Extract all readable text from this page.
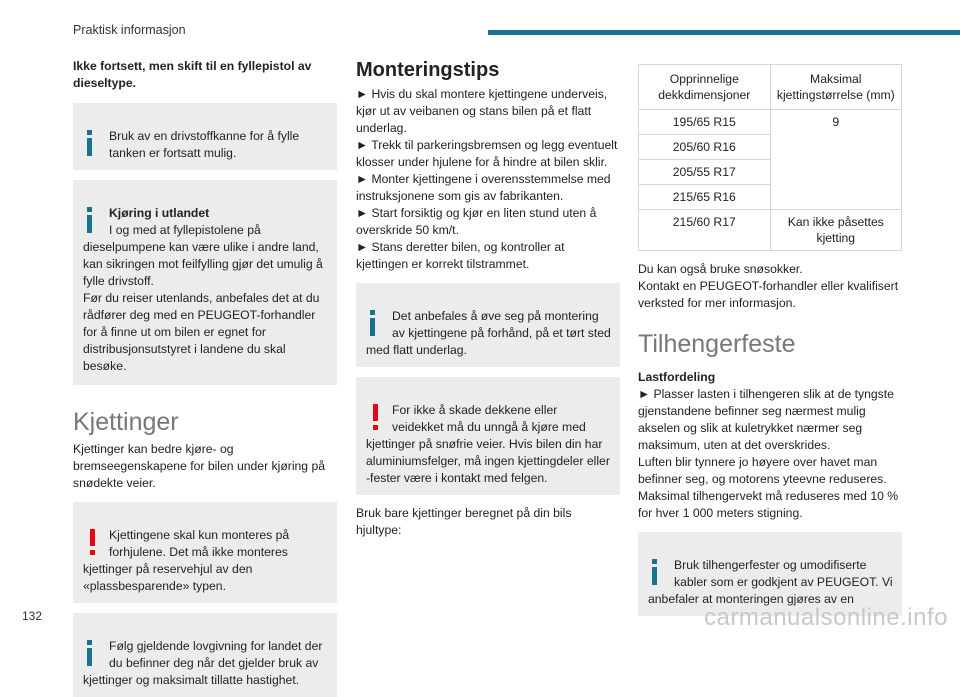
Praktisk informasjon
Ikke fortsett, men skift til en fyllepistol av dieseltype.

Bruk av en drivstoffkanne for å fylle tanken er fortsatt mulig.

Kjøring i utlandet
I og med at fyllepistolene på dieselpumpene kan være ulike i andre land, kan sikringen mot feilfylling gjør det umulig å fylle drivstoff.
Før du reiser utenlands, anbefales det at du rådfører deg med en PEUGEOT-forhandler for å finne ut om bilen er egnet for distribusjonsutstyret i landene du skal besøke.

Kjettinger
Kjettinger kan bedre kjøre- og bremseegenskapene for bilen under kjøring på snødekte veier.

Kjettingene skal kun monteres på forhjulene. Det må ikke monteres kjettinger på reservehjul av den «plassbesparende» typen.

Følg gjeldende lovgivning for landet der du befinner deg når det gjelder bruk av kjettinger og maksimalt tillatte hastighet.

Monteringstips
► Hvis du skal montere kjettingene underveis, kjør ut av veibanen og stans bilen på et flatt underlag.
► Trekk til parkeringsbremsen og legg eventuelt klosser under hjulene for å hindre at bilen sklir.
► Monter kjettingene i overensstemmelse med instruksjonene som gis av fabrikanten.
► Start forsiktig og kjør en liten stund uten å overskride 50 km/t.
► Stans deretter bilen, og kontroller at kjettingen er korrekt tilstrammet.

Det anbefales å øve seg på montering av kjettingene på forhånd, på et tørt sted med flatt underlag.

For ikke å skade dekkene eller veidekket må du unngå å kjøre med kjettinger på snøfrie veier. Hvis bilen din har aluminiumsfelger, må ingen kjettingdeler eller -fester være i kontakt med felgen.

Bruk bare kjettinger beregnet på din bils hjultype:
Opprinnelige dekkdimensjoner	Maksimal kjettingstørrelse (mm)
195/65 R15	9
205/60 R16	
205/55 R17	
215/65 R16	
215/60 R17	Kan ikke påsettes kjetting
Du kan også bruke snøsokker.
Kontakt en PEUGEOT-forhandler eller kvalifisert verksted for mer informasjon.
Tilhengerfeste
Lastfordeling
► Plasser lasten i tilhengeren slik at de tyngste gjenstandene befinner seg nærmest mulig akselen og slik at kuletrykket nærmer seg maksimum, uten at det overskrides.
Luften blir tynnere jo høyere over havet man befinner seg, og motorens yteevne reduseres. Maksimal tilhengervekt må reduseres med 10 % for hver 1 000 meters stigning.

Bruk tilhengerfester og umodifiserte kabler som er godkjent av PEUGEOT. Vi anbefaler at monteringen gjøres av en

132	carmanualsonline.info
